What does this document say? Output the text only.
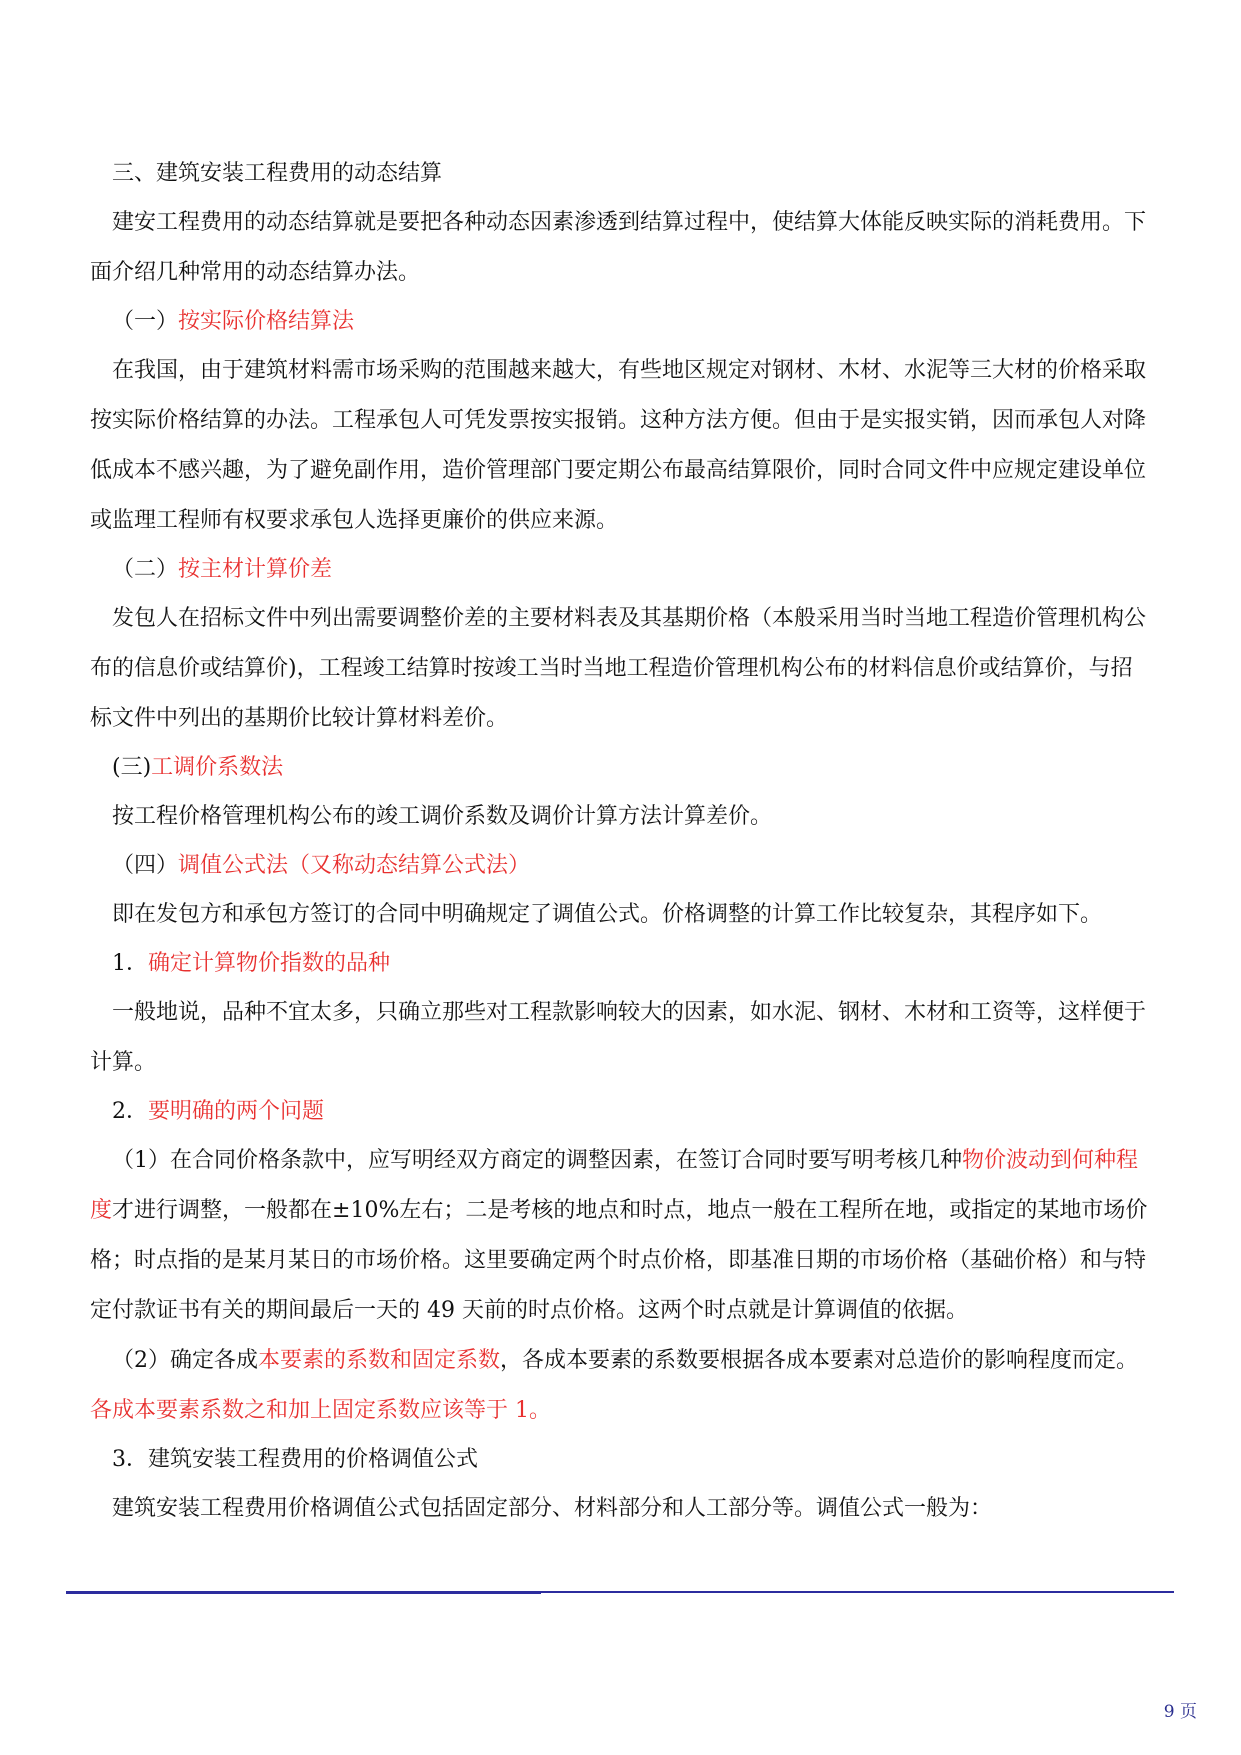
三、建筑安装工程费用的动态结算

建安工程费用的动态结算就是要把各种动态因素渗透到结算过程中，使结算大体能反映实际的消耗费用。下面介绍几种常用的动态结算办法。

（一）按实际价格结算法

在我国，由于建筑材料需市场采购的范围越来越大，有些地区规定对钢材、木材、水泥等三大材的价格采取按实际价格结算的办法。工程承包人可凭发票按实报销。这种方法方便。但由于是实报实销，因而承包人对降低成本不感兴趣，为了避免副作用，造价管理部门要定期公布最高结算限价，同时合同文件中应规定建设单位或监理工程师有权要求承包人选择更廉价的供应来源。

（二）按主材计算价差

发包人在招标文件中列出需要调整价差的主要材料表及其基期价格（本般采用当时当地工程造价管理机构公布的信息价或结算价)，工程竣工结算时按竣工当时当地工程造价管理机构公布的材料信息价或结算价，与招标文件中列出的基期价比较计算材料差价。

(三)工调价系数法

按工程价格管理机构公布的竣工调价系数及调价计算方法计算差价。

（四）调值公式法（又称动态结算公式法）

即在发包方和承包方签订的合同中明确规定了调值公式。价格调整的计算工作比较复杂，其程序如下。

1．确定计算物价指数的品种

一般地说，品种不宜太多，只确立那些对工程款影响较大的因素，如水泥、钢材、木材和工资等，这样便于计算。

2．要明确的两个问题

（1）在合同价格条款中，应写明经双方商定的调整因素，在签订合同时要写明考核几种物价波动到何种程度才进行调整，一般都在±10%左右；二是考核的地点和时点，地点一般在工程所在地，或指定的某地市场价格；时点指的是某月某日的市场价格。这里要确定两个时点价格，即基准日期的市场价格（基础价格）和与特定付款证书有关的期间最后一天的 49 天前的时点价格。这两个时点就是计算调值的依据。

（2）确定各成本要素的系数和固定系数，各成本要素的系数要根据各成本要素对总造价的影响程度而定。各成本要素系数之和加上固定系数应该等于 1。

3．建筑安装工程费用的价格调值公式

建筑安装工程费用价格调值公式包括固定部分、材料部分和人工部分等。调值公式一般为：

9 页
